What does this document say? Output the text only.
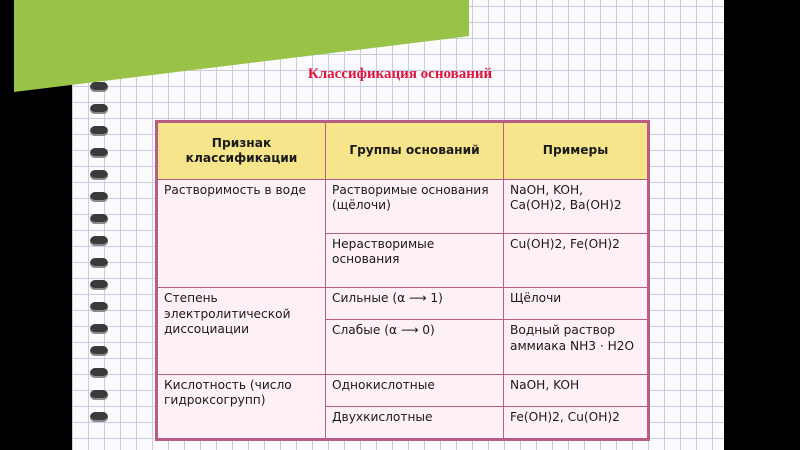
Классификация оснований
Признак классификации	Группы оснований	Примеры
Растворимость в воде	Растворимые основания (щёлочи)	NaOH, KOH, Ca(OH)2, Ba(OH)2
	Нерастворимые основания	Cu(OH)2, Fe(OH)2
Степень электролитической диссоциации	Сильные (α ⟶ 1)	Щёлочи
	Слабые (α ⟶ 0)	Водный раствор аммиака NH3 · H2O
Кислотность (число гидроксогрупп)	Однокислотные	NaOH, KOH
	Двухкислотные	Fe(OH)2, Cu(OH)2
